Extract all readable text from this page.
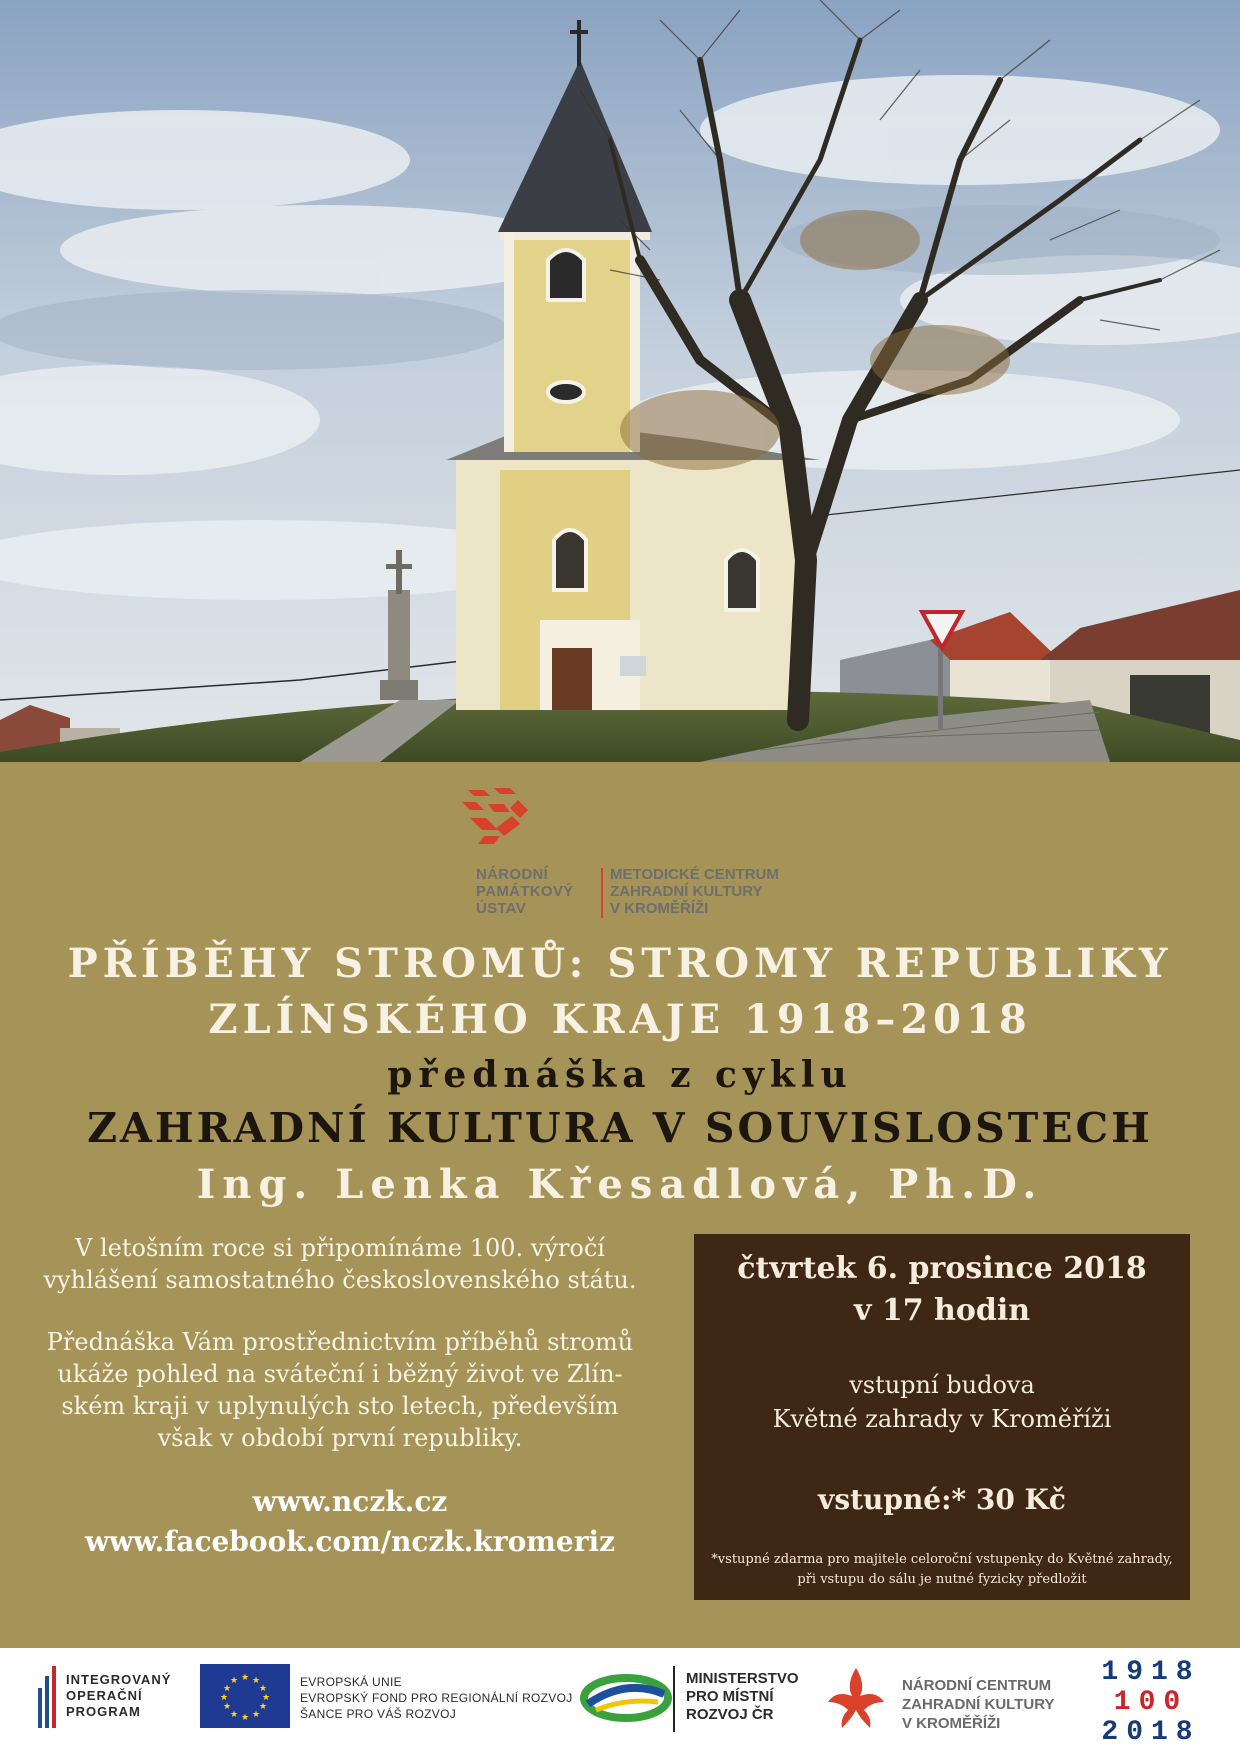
NÁRODNÍ
PAMÁTKOVÝ
ÚSTAV
METODICKÉ CENTRUM
ZAHRADNÍ KULTURY
V KROMĚŘÍŽI
PŘÍBĚHY STROMŮ: STROMY REPUBLIKY
ZLÍNSKÉHO KRAJE 1918–2018
přednáška z cyklu
ZAHRADNÍ KULTURA V SOUVISLOSTECH
Ing. Lenka Křesadlová, Ph.D.

V letošním roce si připomínáme 100. výročí

vyhlášení samostatného československého státu.

Přednáška Vám prostřednictvím příběhů stromů

ukáže pohled na sváteční i běžný život ve Zlín-

ském kraji v uplynulých sto letech, především

však v období první republiky.

www.nczk.cz
www.facebook.com/nczk.kromeriz
čtvrtek 6. prosince 2018
v 17 hodin
vstupní budova
Květné zahrady v Kroměříži
vstupné:* 30 Kč
*vstupné zdarma pro majitele celoroční vstupenky do Květné zahrady, při vstupu do sálu je nutné fyzicky předložit
INTEGROVANÝ
OPERAČNÍ
PROGRAM
★ ★
★
★
★
★
★
★
★
★
★
★	EVROPSKÁ UNIE
EVROPSKÝ FOND PRO REGIONÁLNÍ ROZVOJ
ŠANCE PRO VÁŠ ROZVOJ
MINISTERSTVO
PRO MÍSTNÍ
ROZVOJ ČR
NÁRODNÍ CENTRUM
ZAHRADNÍ KULTURY
V KROMĚŘÍŽI
1918
100
2018
